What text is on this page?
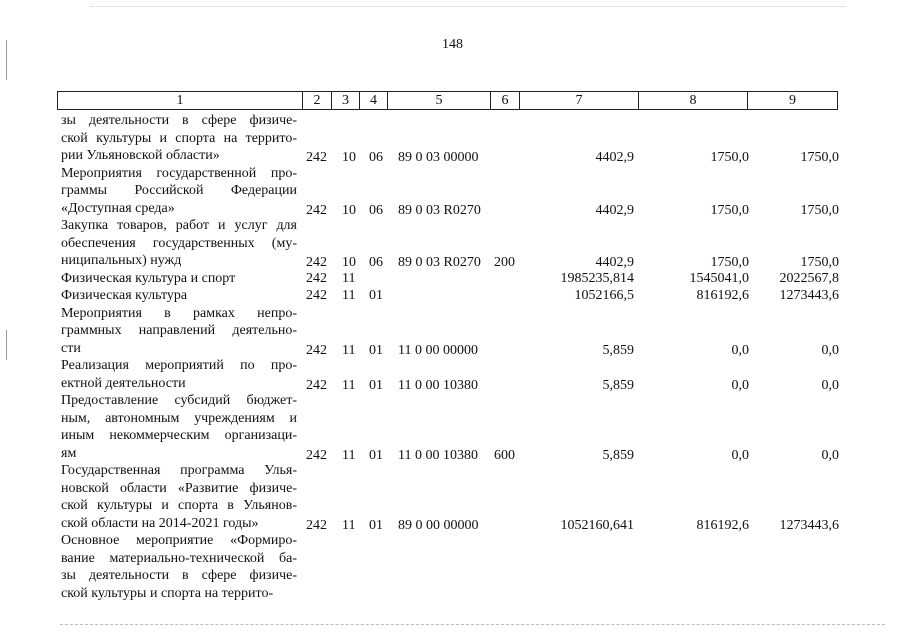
148
1	2	3	4	5	6	7	8	9
зы деятельности в сфере физиче-
ской культуры и спорта на террито-
рии Ульяновской области»	242 10 06 89 0 03 00000	4402,9	1750,0	1750,0
Мероприятия государственной про-
граммы Российской Федерации
«Доступная среда»	242 10 06 89 0 03 R0270	4402,9	1750,0	1750,0
Закупка товаров, работ и услуг для
обеспечения государственных (му-
ниципальных) нужд	242 10 06 89 0 03 R0270 200	4402,9	1750,0	1750,0
Физическая культура и спорт	242 11	1985235,814	1545041,0 2022567,8
Физическая культура	242 11 01	1052166,5	816192,6 1273443,6
Мероприятия в рамках непро-
граммных направлений деятельно-
сти	242 11 01 11 0 00 00000	5,859	0,0	0,0
Реализация мероприятий по про-
ектной деятельности	242 11 01 11 0 00 10380	5,859	0,0	0,0
Предоставление субсидий бюджет-
ным, автономным учреждениям и
иным некоммерческим организаци-
ям	242 11 01 11 0 00 10380 600	5,859	0,0	0,0
Государственная программа Улья-
новской области «Развитие физиче-
ской культуры и спорта в Ульянов-
ской области на 2014-2021 годы»	242 11 01 89 0 00 00000	1052160,641	816192,6 1273443,6
Основное мероприятие «Формиро-
вание материально-технической ба-
зы деятельности в сфере физиче-
ской культуры и спорта на террито-
